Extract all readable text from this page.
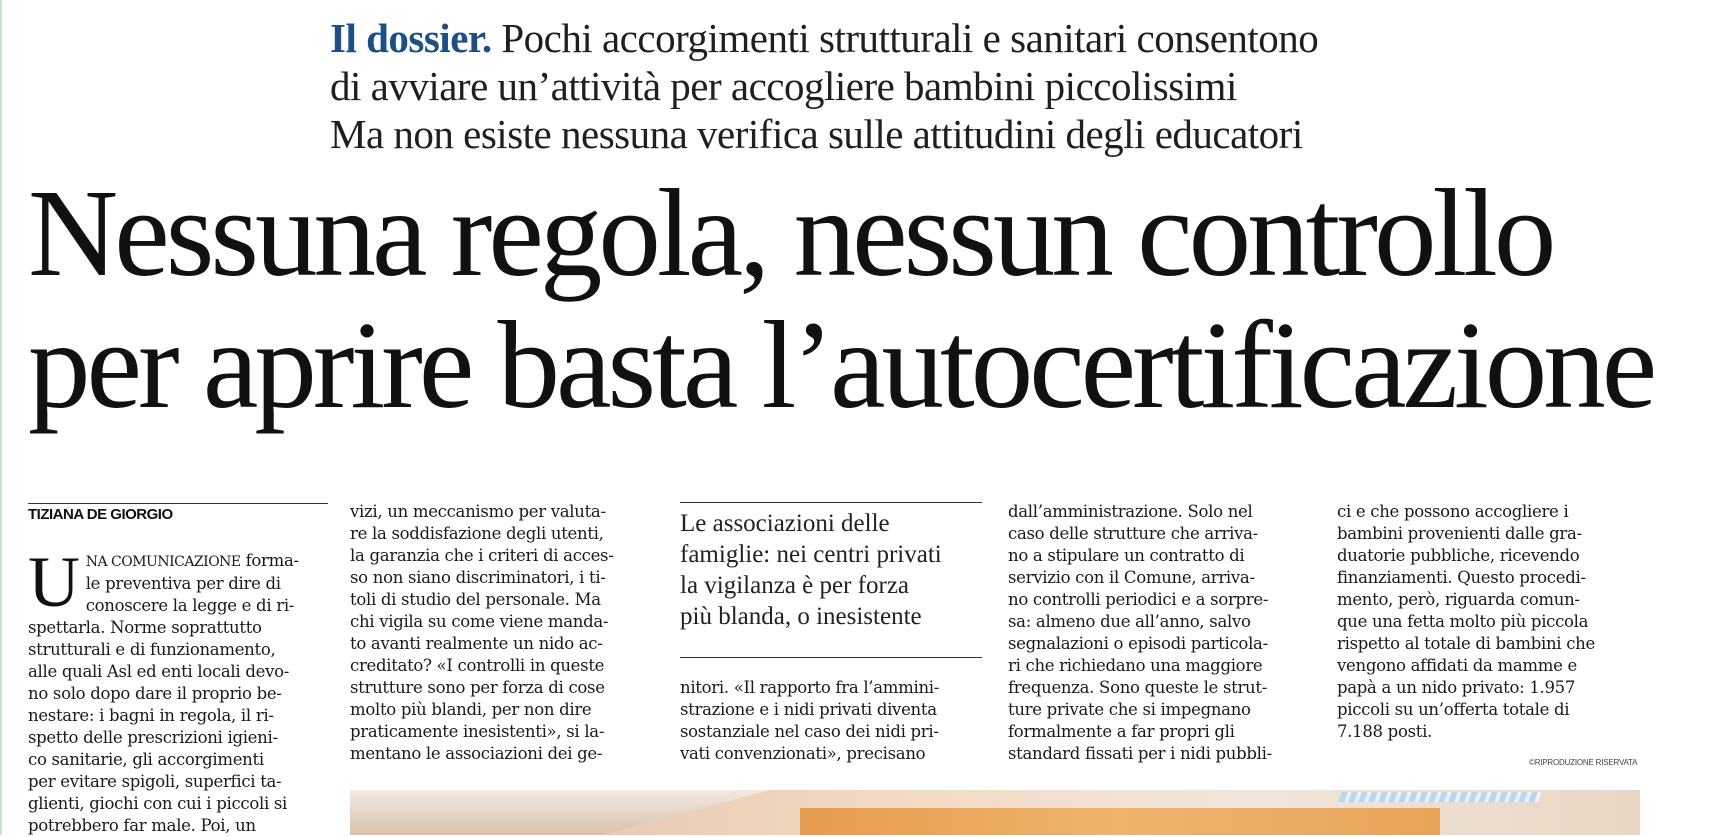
Il dossier. Pochi accorgimenti strutturali e sanitari consentono
di avviare un’attività per accogliere bambini piccolissimi
Ma non esiste nessuna verifica sulle attitudini degli educatori
Nessuna regola, nessun controllo
per aprire basta l’autocertificazione
TIZIANA DE GIORGIO
U NA COMUNICAZIONE forma-
le preventiva per dire di
conoscere la legge e di ri-
spettarla. Norme soprattutto
strutturali e di funzionamento,
alle quali Asl ed enti locali devo-
no solo dopo dare il proprio be-
nestare: i bagni in regola, il ri-
spetto delle prescrizioni igieni-
co sanitarie, gli accorgimenti
per evitare spigoli, superfici ta-
glienti, giochi con cui i piccoli si
potrebbero far male. Poi, un
vizi, un meccanismo per valuta-
re la soddisfazione degli utenti,
la garanzia che i criteri di acces-
so non siano discriminatori, i ti-
toli di studio del personale. Ma
chi vigila su come viene manda-
to avanti realmente un nido ac-
creditato? «I controlli in queste
strutture sono per forza di cose
molto più blandi, per non dire
praticamente inesistenti», si la-
mentano le associazioni dei ge-
Le associazioni delle
famiglie: nei centri privati
la vigilanza è per forza
più blanda, o inesistente
nitori. «Il rapporto fra l’ammini-
strazione e i nidi privati diventa
sostanziale nel caso dei nidi pri-
vati convenzionati», precisano
dall’amministrazione. Solo nel
caso delle strutture che arriva-
no a stipulare un contratto di
servizio con il Comune, arriva-
no controlli periodici e a sorpre-
sa: almeno due all’anno, salvo
segnalazioni o episodi particola-
ri che richiedano una maggiore
frequenza. Sono queste le strut-
ture private che si impegnano
formalmente a far propri gli
standard fissati per i nidi pubbli-
ci e che possono accogliere i
bambini provenienti dalle gra-
duatorie pubbliche, ricevendo
finanziamenti. Questo procedi-
mento, però, riguarda comun-
que una fetta molto più piccola
rispetto al totale di bambini che
vengono affidati da mamme e
papà a un nido privato: 1.957
piccoli su un’offerta totale di
7.188 posti.
©RIPRODUZIONE RISERVATA
